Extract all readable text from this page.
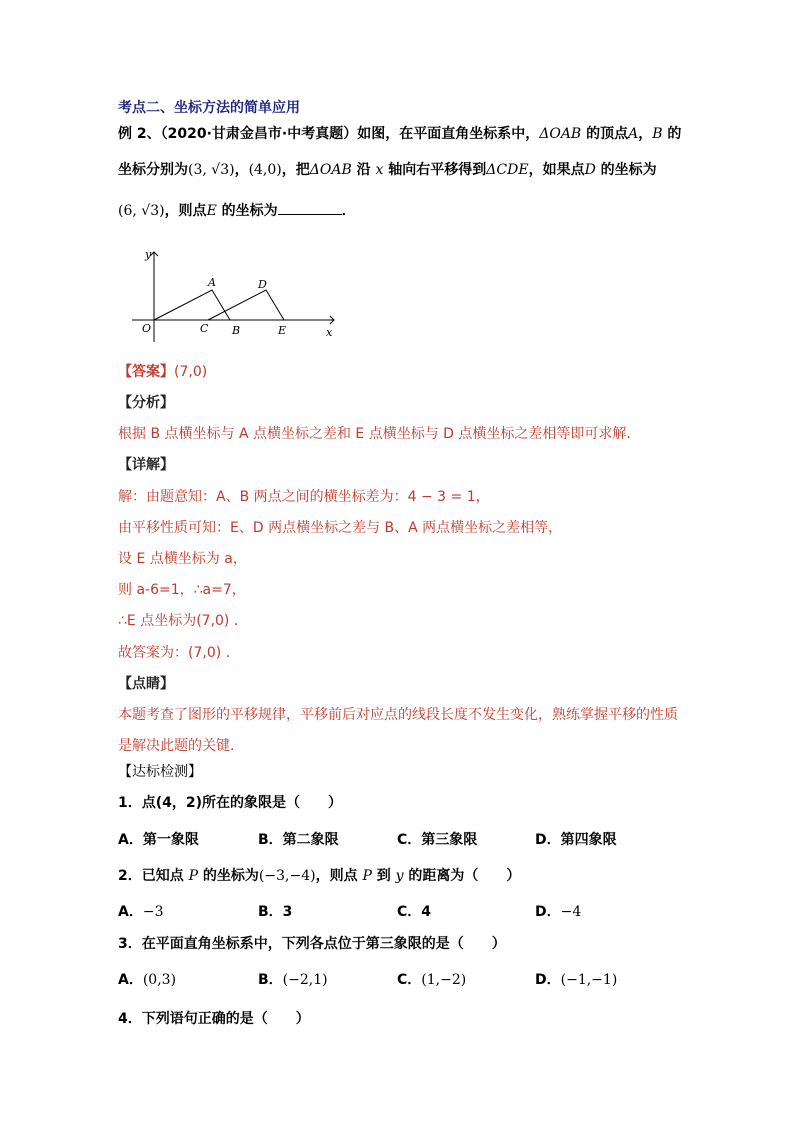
考点二、坐标方法的简单应用
例 2、（2020·甘肃金昌市·中考真题）如图，在平面直角坐标系中，ΔOAB 的顶点A，B 的
坐标分别为(3, √3)，(4,0)，把ΔOAB 沿 x 轴向右平移得到ΔCDE，如果点D 的坐标为
(6, √3)，则点E 的坐标为	．
y
x
O
A
B
C
D
E
【答案】(7,0)
【分析】
根据 B 点横坐标与 A 点横坐标之差和 E 点横坐标与 D 点横坐标之差相等即可求解．
【详解】
解：由题意知：A、B 两点之间的横坐标差为：4 − 3 = 1，
由平移性质可知：E、D 两点横坐标之差与 B、A 两点横坐标之差相等，
设 E 点横坐标为 a，
则 a-6=1，∴a=7，
∴E 点坐标为(7,0) ．
故答案为：(7,0) ．
【点睛】
本题考查了图形的平移规律，平移前后对应点的线段长度不发生变化，熟练掌握平移的性质
是解决此题的关键.
【达标检测】
1．点(4，2)所在的象限是（　　）
A．第一象限	B．第二象限	C．第三象限	D．第四象限
2．已知点 P 的坐标为(−3,−4)，则点 P 到 y 的距离为（　　）
A．−3	B．3	C．4	D．−4
3．在平面直角坐标系中，下列各点位于第三象限的是（　　）
A．(0,3)	B．(−2,1)	C．(1,−2)	D．(−1,−1)
4．下列语句正确的是（　　）
